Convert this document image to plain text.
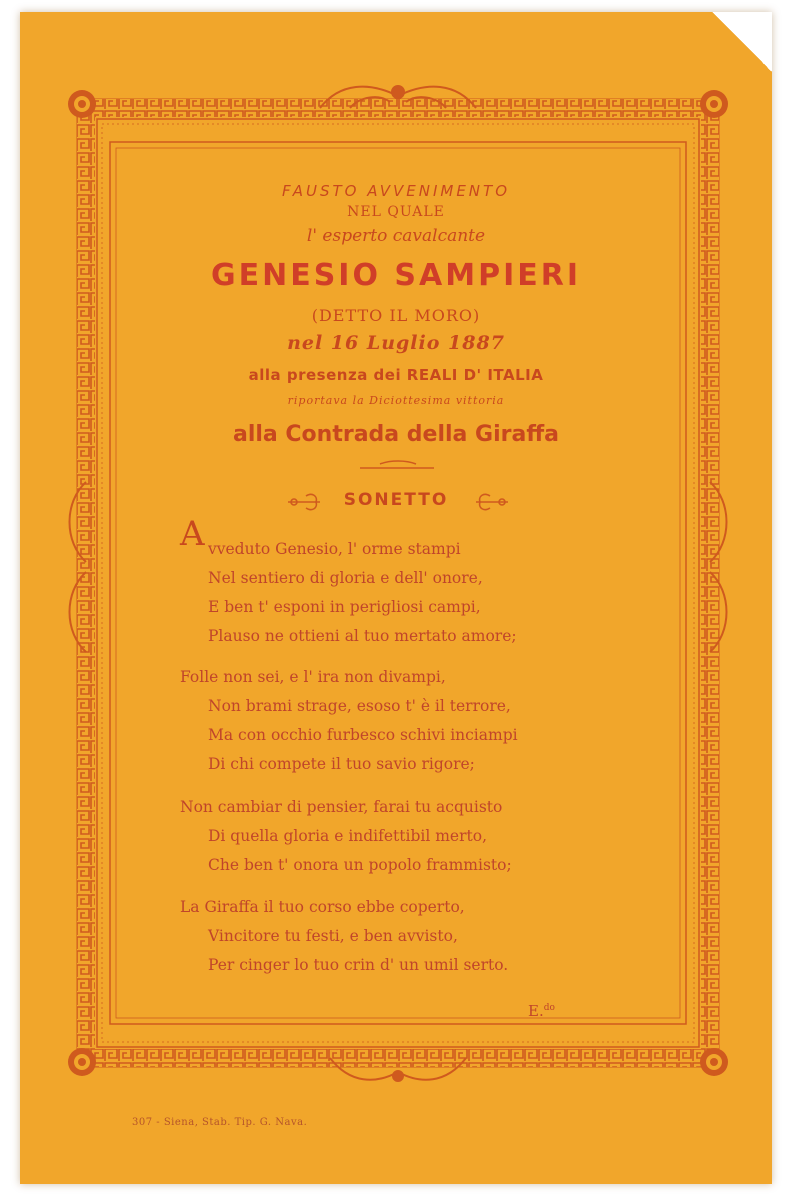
FAUSTO AVVENIMENTO
NEL QUALE
l' esperto cavalcante
GENESIO SAMPIERI
(DETTO IL MORO)
nel 16 Luglio 1887
alla presenza dei REALI D' ITALIA
riportava la Diciottesima vittoria
alla Contrada della Giraffa
SONETTO
A vveduto Genesio, l' orme stampi
Nel sentiero di gloria e dell' onore,
E ben t' esponi in perigliosi campi,
Plauso ne ottieni al tuo mertato amore;
Folle non sei, e l' ira non divampi,
Non brami strage, esoso t' è il terrore,
Ma con occhio furbesco schivi inciampi
Di chi compete il tuo savio rigore;
Non cambiar di pensier, farai tu acquisto
Di quella gloria e indifettibil merto,
Che ben t' onora un popolo frammisto;
La Giraffa il tuo corso ebbe coperto,
Vincitore tu festi, e ben avvisto,
Per cinger lo tuo crin d' un umil serto.
E.$^{do}$
307 - Siena, Stab. Tip. G. Nava.
